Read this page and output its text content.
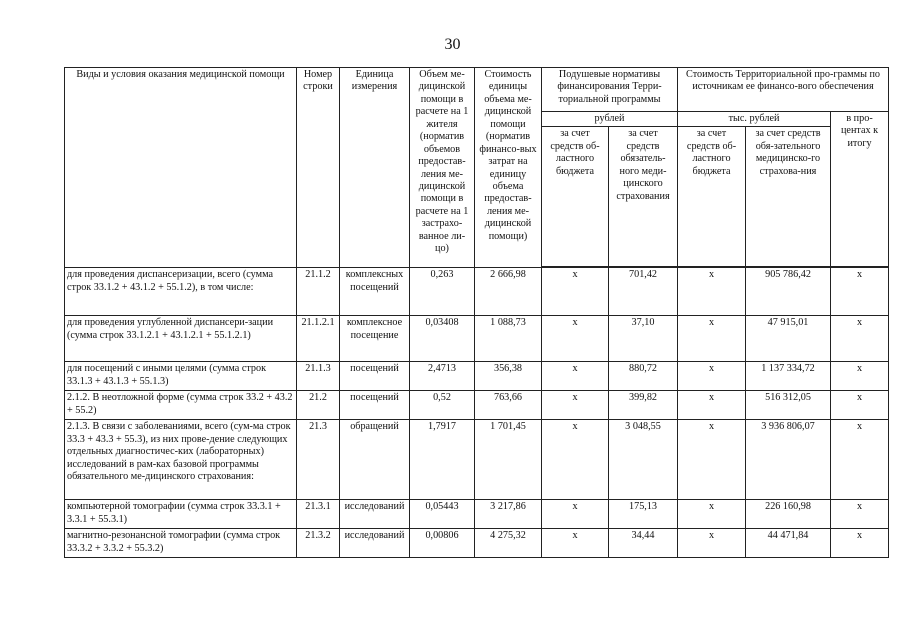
30
Виды и условия оказания медицинской помощи	Номер строки	Единица измерения	Объем ме-дицинской помощи в расчете на 1 жителя (норматив объемов предостав-ления ме-дицинской помощи в расчете на 1 застрахо-ванное ли-цо)	Стоимость единицы объема ме-дицинской помощи (норматив финансо-вых затрат на единицу объема предостав-ления ме-дицинской помощи)	Подушевые нормативы финансирования Терри-ториальной программы		Стоимость Территориальной про-граммы по источникам ее финансо-вого обеспечения		
					рублей		тыс. рублей		в про-центах к итогу
					за счет средств об-ластного бюджета	за счет средств обязатель-ного меди-цинского страхования	за счет средств об-ластного бюджета	за счет средств обя-зательного медицинско-го страхова-ния	

для проведения диспансеризации, всего (сумма строк 33.1.2 + 43.1.2 + 55.1.2), в том числе:	21.1.2	комплексных посещений	0,263	2 666,98	х	701,42	х	905 786,42	х
для проведения углубленной диспансери-зации (сумма строк 33.1.2.1 + 43.1.2.1 + 55.1.2.1)	21.1.2.1	комплексное посещение	0,03408	1 088,73	х	37,10	х	47 915,01	х
для посещений с иными целями (сумма строк 33.1.3 + 43.1.3 + 55.1.3)	21.1.3	посещений	2,4713	356,38	х	880,72	х	1 137 334,72	х
2.1.2. В неотложной форме (сумма строк 33.2 + 43.2 + 55.2)	21.2	посещений	0,52	763,66	х	399,82	х	516 312,05	х
2.1.3. В связи с заболеваниями, всего (сум-ма строк 33.3 + 43.3 + 55.3), из них прове-дение следующих отдельных диагностичес-ких (лабораторных) исследований в рам-ках базовой программы обязательного ме-дицинского страхования:	21.3	обращений	1,7917	1 701,45	х	3 048,55	х	3 936 806,07	х
компьютерной томографии (сумма строк 33.3.1 + 3.3.1 + 55.3.1)	21.3.1	исследований	0,05443	3 217,86	х	175,13	х	226 160,98	х
магнитно-резонансной томографии (сумма строк 33.3.2 + 3.3.2 + 55.3.2)	21.3.2	исследований	0,00806	4 275,32	х	34,44	х	44 471,84	х
